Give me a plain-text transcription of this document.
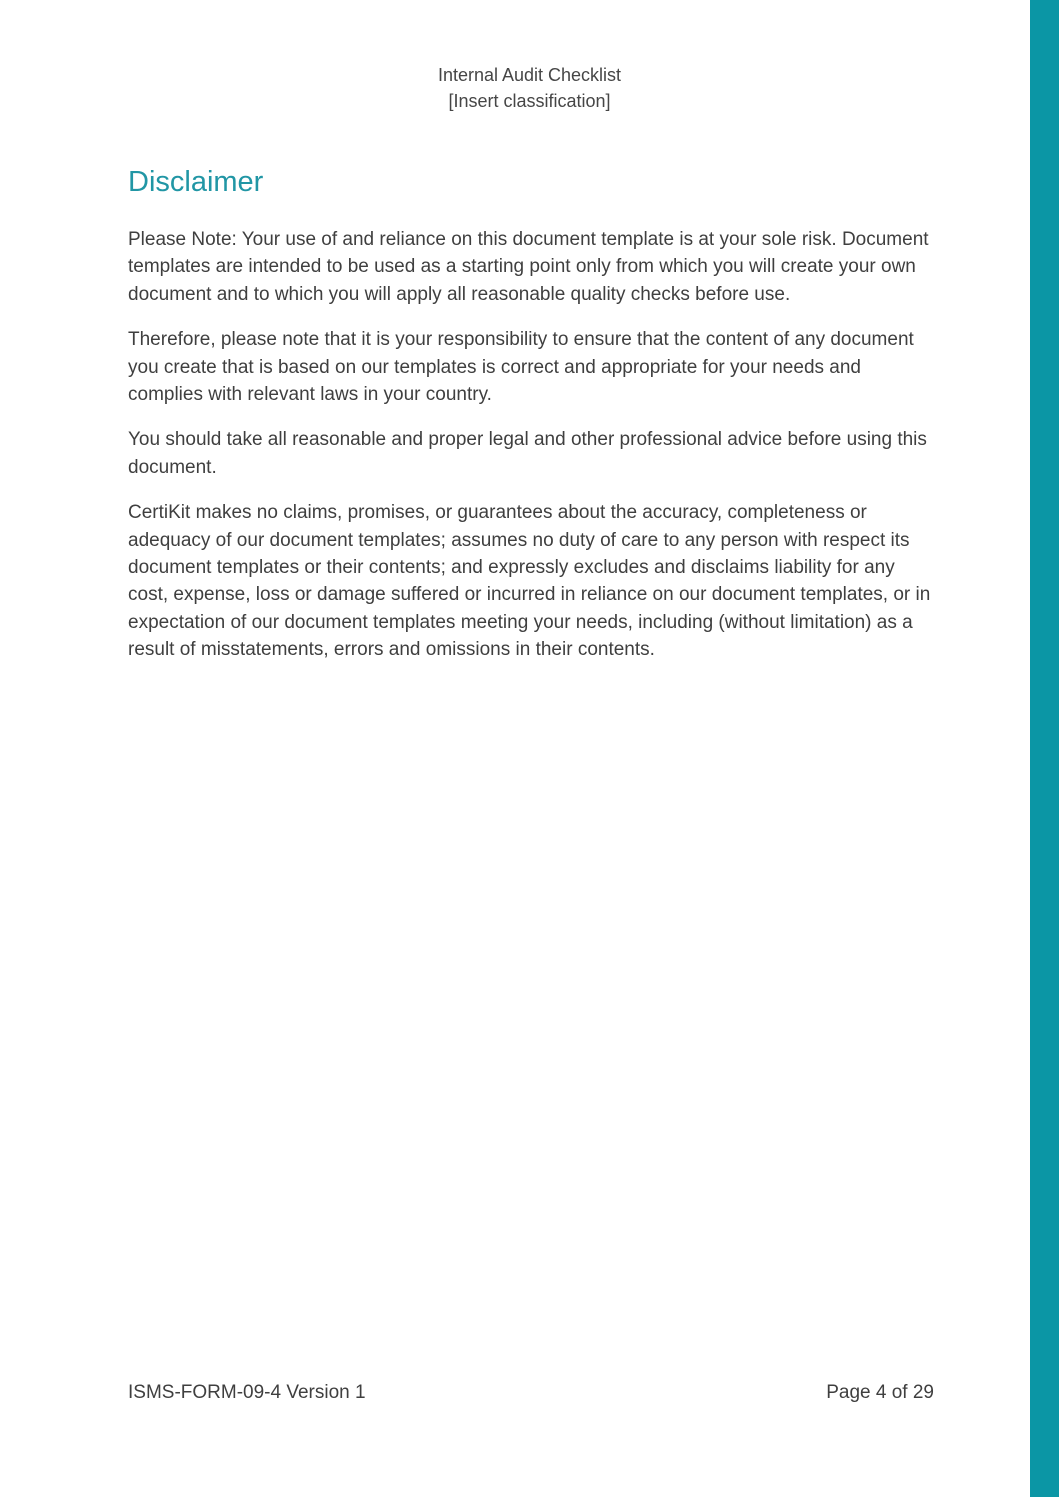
Internal Audit Checklist
[Insert classification]
Disclaimer

Please Note: Your use of and reliance on this document template is at your sole risk. Document templates are intended to be used as a starting point only from which you will create your own document and to which you will apply all reasonable quality checks before use.

Therefore, please note that it is your responsibility to ensure that the content of any document you create that is based on our templates is correct and appropriate for your needs and complies with relevant laws in your country.

You should take all reasonable and proper legal and other professional advice before using this document.

CertiKit makes no claims, promises, or guarantees about the accuracy, completeness or adequacy of our document templates; assumes no duty of care to any person with respect its document templates or their contents; and expressly excludes and disclaims liability for any cost, expense, loss or damage suffered or incurred in reliance on our document templates, or in expectation of our document templates meeting your needs, including (without limitation) as a result of misstatements, errors and omissions in their contents.

ISMS-FORM-09-4 Version 1	Page 4 of 29
